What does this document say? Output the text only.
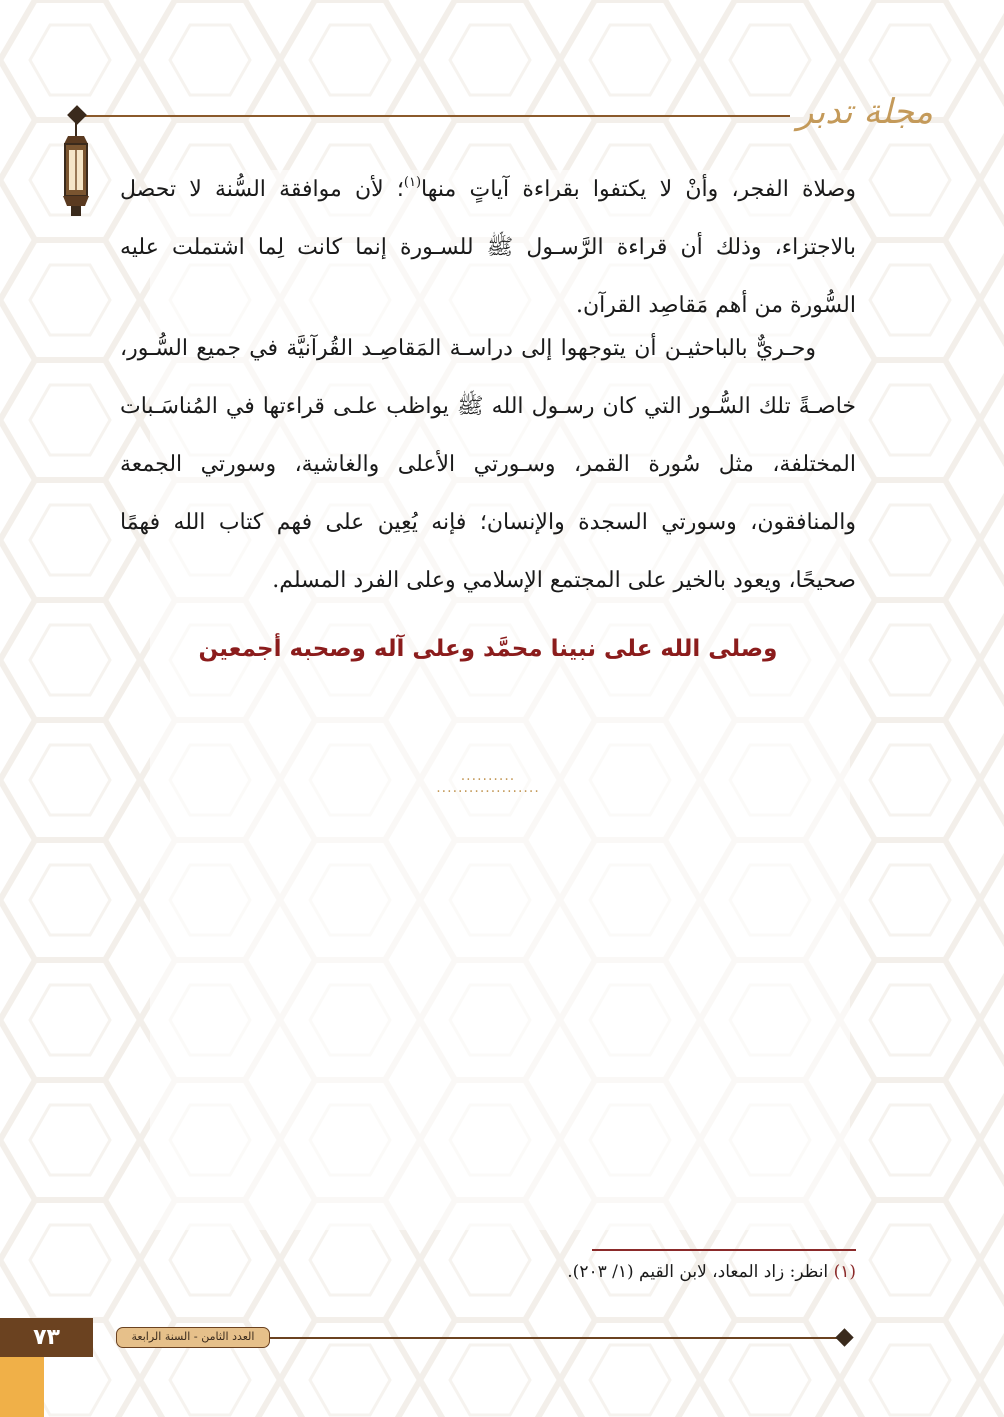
مجلة تدبر
وصلاة الفجر، وأنْ لا يكتفوا بقراءة آياتٍ منها$^{(١)}$؛ لأن موافقة السُّنة لا تحصل بالاجتزاء، وذلك أن قراءة الرَّسـول ﷺ للسـورة إنما كانت لِما اشتملت عليه السُّورة من أهم مَقاصِد القرآن.
وحـريٌّ بالباحثيـن أن يتوجهوا إلى دراسـة المَقاصِـد القُرآنيَّة في جميع السُّـور، خاصـةً تلك السُّـور التي كان رسـول الله ﷺ يواظب علـى قراءتها في المُناسَـبات المختلفة، مثل سُورة القمر، وسـورتي الأعلى والغاشية، وسورتي الجمعة والمنافقون، وسورتي السجدة والإنسان؛ فإنه يُعِين على فهم كتاب الله فهمًا صحيحًا، ويعود بالخير على المجتمع الإسلامي وعلى الفرد المسلم.
وصلى الله على نبينا محمَّد وعلى آله وصحبه أجمعين
..........
...................
(١) انظر: زاد المعاد، لابن القيم (١/ ٢٠٣).
٧٣	العدد الثامن - السنة الرابعة
